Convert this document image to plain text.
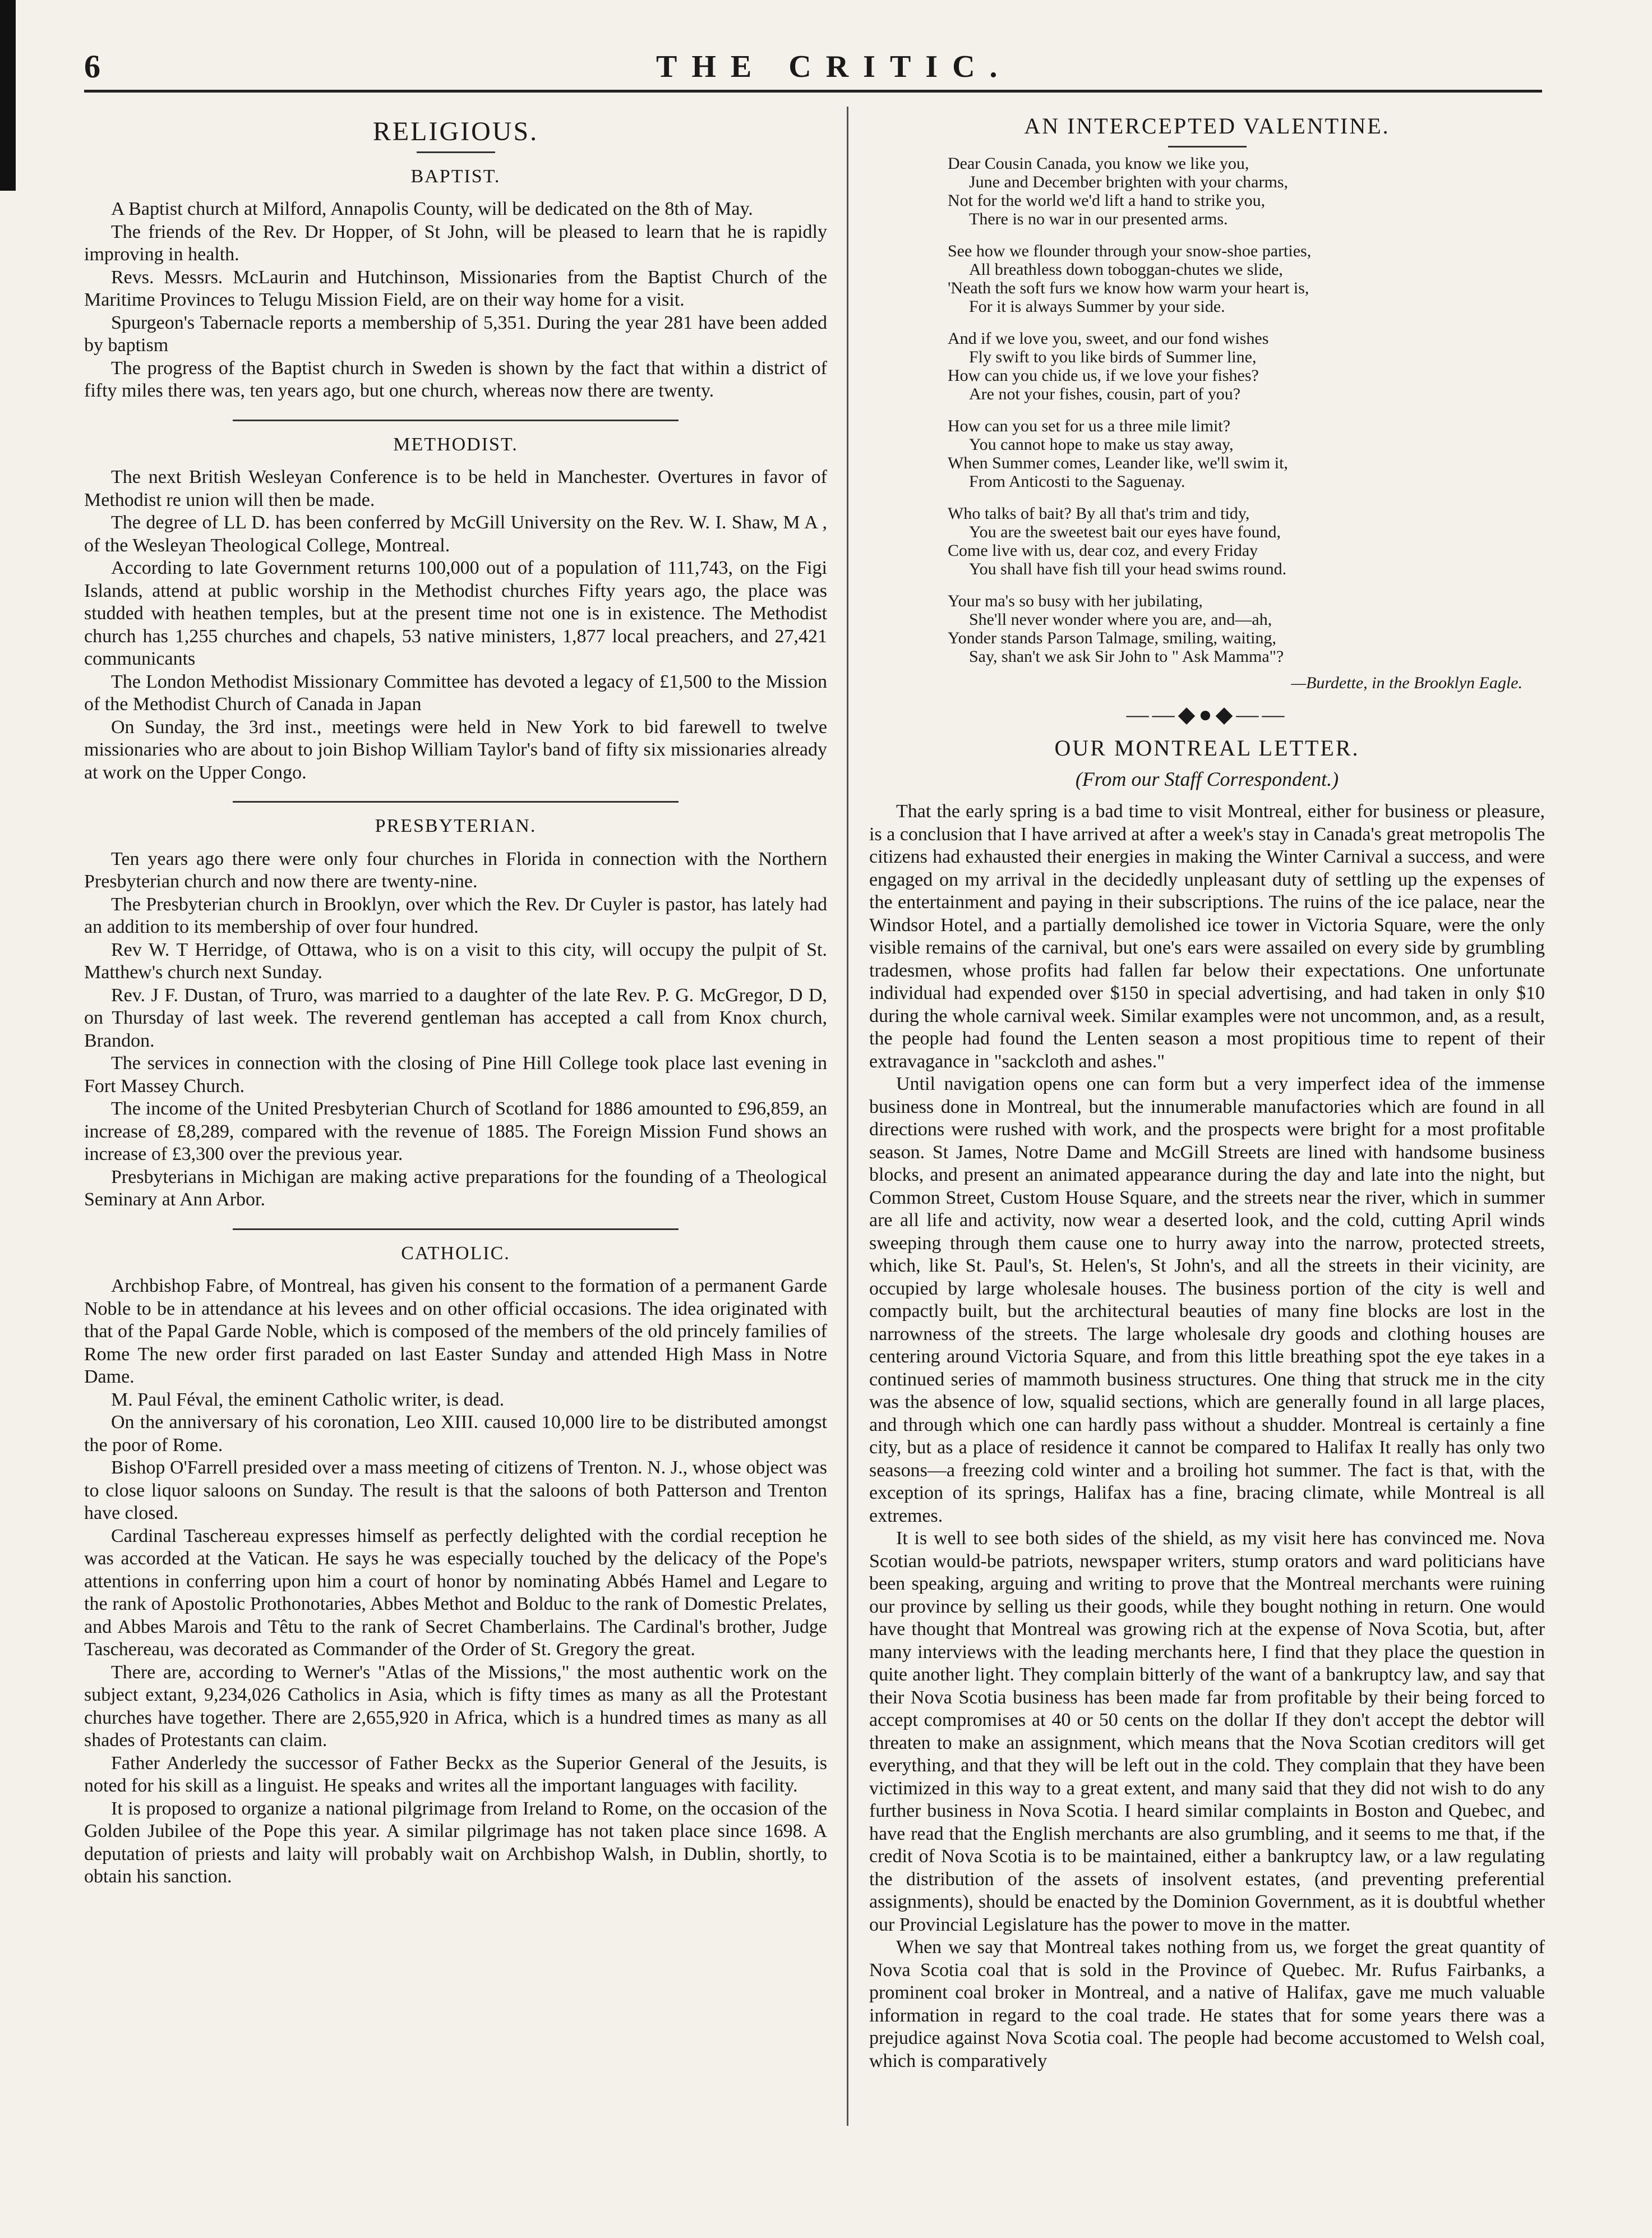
6	THE CRITIC.
RELIGIOUS.
BAPTIST.

A Baptist church at Milford, Annapolis County, will be dedicated on the 8th of May.

The friends of the Rev. Dr Hopper, of St John, will be pleased to learn that he is rapidly improving in health.

Revs. Messrs. McLaurin and Hutchinson, Missionaries from the Baptist Church of the Maritime Provinces to Telugu Mission Field, are on their way home for a visit.

Spurgeon's Tabernacle reports a membership of 5,351. During the year 281 have been added by baptism

The progress of the Baptist church in Sweden is shown by the fact that within a district of fifty miles there was, ten years ago, but one church, whereas now there are twenty.

METHODIST.

The next British Wesleyan Conference is to be held in Manchester. Overtures in favor of Methodist re union will then be made.

The degree of LL D. has been conferred by McGill University on the Rev. W. I. Shaw, M A , of the Wesleyan Theological College, Montreal.

According to late Government returns 100,000 out of a population of 111,743, on the Figi Islands, attend at public worship in the Methodist churches Fifty years ago, the place was studded with heathen temples, but at the present time not one is in existence. The Methodist church has 1,255 churches and chapels, 53 native ministers, 1,877 local preachers, and 27,421 communicants

The London Methodist Missionary Committee has devoted a legacy of £1,500 to the Mission of the Methodist Church of Canada in Japan

On Sunday, the 3rd inst., meetings were held in New York to bid farewell to twelve missionaries who are about to join Bishop William Taylor's band of fifty six missionaries already at work on the Upper Congo.

PRESBYTERIAN.

Ten years ago there were only four churches in Florida in connection with the Northern Presbyterian church and now there are twenty-nine.

The Presbyterian church in Brooklyn, over which the Rev. Dr Cuyler is pastor, has lately had an addition to its membership of over four hundred.

Rev W. T Herridge, of Ottawa, who is on a visit to this city, will occupy the pulpit of St. Matthew's church next Sunday.

Rev. J F. Dustan, of Truro, was married to a daughter of the late Rev. P. G. McGregor, D D, on Thursday of last week. The reverend gentleman has accepted a call from Knox church, Brandon.

The services in connection with the closing of Pine Hill College took place last evening in Fort Massey Church.

The income of the United Presbyterian Church of Scotland for 1886 amounted to £96,859, an increase of £8,289, compared with the revenue of 1885. The Foreign Mission Fund shows an increase of £3,300 over the previous year.

Presbyterians in Michigan are making active preparations for the founding of a Theological Seminary at Ann Arbor.

CATHOLIC.

Archbishop Fabre, of Montreal, has given his consent to the formation of a permanent Garde Noble to be in attendance at his levees and on other official occasions. The idea originated with that of the Papal Garde Noble, which is composed of the members of the old princely families of Rome The new order first paraded on last Easter Sunday and attended High Mass in Notre Dame.

M. Paul Féval, the eminent Catholic writer, is dead.

On the anniversary of his coronation, Leo XIII. caused 10,000 lire to be distributed amongst the poor of Rome.

Bishop O'Farrell presided over a mass meeting of citizens of Trenton. N. J., whose object was to close liquor saloons on Sunday. The result is that the saloons of both Patterson and Trenton have closed.

Cardinal Taschereau expresses himself as perfectly delighted with the cordial reception he was accorded at the Vatican. He says he was especially touched by the delicacy of the Pope's attentions in conferring upon him a court of honor by nominating Abbés Hamel and Legare to the rank of Apostolic Prothonotaries, Abbes Methot and Bolduc to the rank of Domestic Prelates, and Abbes Marois and Têtu to the rank of Secret Chamberlains. The Cardinal's brother, Judge Taschereau, was decorated as Commander of the Order of St. Gregory the great.

There are, according to Werner's "Atlas of the Missions," the most authentic work on the subject extant, 9,234,026 Catholics in Asia, which is fifty times as many as all the Protestant churches have together. There are 2,655,920 in Africa, which is a hundred times as many as all shades of Protestants can claim.

Father Anderledy the successor of Father Beckx as the Superior General of the Jesuits, is noted for his skill as a linguist. He speaks and writes all the important languages with facility.

It is proposed to organize a national pilgrimage from Ireland to Rome, on the occasion of the Golden Jubilee of the Pope this year. A similar pilgrimage has not taken place since 1698. A deputation of priests and laity will probably wait on Archbishop Walsh, in Dublin, shortly, to obtain his sanction.

AN INTERCEPTED VALENTINE.
Dear Cousin Canada, you know we like you,
June and December brighten with your charms,
Not for the world we'd lift a hand to strike you,
There is no war in our presented arms.
See how we flounder through your snow-shoe parties,
All breathless down toboggan-chutes we slide,
'Neath the soft furs we know how warm your heart is,
For it is always Summer by your side.
And if we love you, sweet, and our fond wishes
Fly swift to you like birds of Summer line,
How can you chide us, if we love your fishes?
Are not your fishes, cousin, part of you?
How can you set for us a three mile limit?
You cannot hope to make us stay away,
When Summer comes, Leander like, we'll swim it,
From Anticosti to the Saguenay.
Who talks of bait? By all that's trim and tidy,
You are the sweetest bait our eyes have found,
Come live with us, dear coz, and every Friday
You shall have fish till your head swims round.
Your ma's so busy with her jubilating,
She'll never wonder where you are, and—ah,
Yonder stands Parson Talmage, smiling, waiting,
Say, shan't we ask Sir John to " Ask Mamma"?
—Burdette, in the Brooklyn Eagle.
——◆●◆——
OUR MONTREAL LETTER.
(From our Staff Correspondent.)

That the early spring is a bad time to visit Montreal, either for business or pleasure, is a conclusion that I have arrived at after a week's stay in Canada's great metropolis The citizens had exhausted their energies in making the Winter Carnival a success, and were engaged on my arrival in the decidedly unpleasant duty of settling up the expenses of the entertainment and paying in their subscriptions. The ruins of the ice palace, near the Windsor Hotel, and a partially demolished ice tower in Victoria Square, were the only visible remains of the carnival, but one's ears were assailed on every side by grumbling tradesmen, whose profits had fallen far below their expectations. One unfortunate individual had expended over $150 in special advertising, and had taken in only $10 during the whole carnival week. Similar examples were not uncommon, and, as a result, the people had found the Lenten season a most propitious time to repent of their extravagance in "sackcloth and ashes."

Until navigation opens one can form but a very imperfect idea of the immense business done in Montreal, but the innumerable manufactories which are found in all directions were rushed with work, and the prospects were bright for a most profitable season. St James, Notre Dame and McGill Streets are lined with handsome business blocks, and present an animated appearance during the day and late into the night, but Common Street, Custom House Square, and the streets near the river, which in summer are all life and activity, now wear a deserted look, and the cold, cutting April winds sweeping through them cause one to hurry away into the narrow, protected streets, which, like St. Paul's, St. Helen's, St John's, and all the streets in their vicinity, are occupied by large wholesale houses. The business portion of the city is well and compactly built, but the architectural beauties of many fine blocks are lost in the narrowness of the streets. The large wholesale dry goods and clothing houses are centering around Victoria Square, and from this little breathing spot the eye takes in a continued series of mammoth business structures. One thing that struck me in the city was the absence of low, squalid sections, which are generally found in all large places, and through which one can hardly pass without a shudder. Montreal is certainly a fine city, but as a place of residence it cannot be compared to Halifax It really has only two seasons—a freezing cold winter and a broiling hot summer. The fact is that, with the exception of its springs, Halifax has a fine, bracing climate, while Montreal is all extremes.

It is well to see both sides of the shield, as my visit here has convinced me. Nova Scotian would-be patriots, newspaper writers, stump orators and ward politicians have been speaking, arguing and writing to prove that the Montreal merchants were ruining our province by selling us their goods, while they bought nothing in return. One would have thought that Montreal was growing rich at the expense of Nova Scotia, but, after many interviews with the leading merchants here, I find that they place the question in quite another light. They complain bitterly of the want of a bankruptcy law, and say that their Nova Scotia business has been made far from profitable by their being forced to accept compromises at 40 or 50 cents on the dollar If they don't accept the debtor will threaten to make an assignment, which means that the Nova Scotian creditors will get everything, and that they will be left out in the cold. They complain that they have been victimized in this way to a great extent, and many said that they did not wish to do any further business in Nova Scotia. I heard similar complaints in Boston and Quebec, and have read that the English merchants are also grumbling, and it seems to me that, if the credit of Nova Scotia is to be maintained, either a bankruptcy law, or a law regulating the distribution of the assets of insolvent estates, (and preventing preferential assignments), should be enacted by the Dominion Government, as it is doubtful whether our Provincial Legislature has the power to move in the matter.

When we say that Montreal takes nothing from us, we forget the great quantity of Nova Scotia coal that is sold in the Province of Quebec. Mr. Rufus Fairbanks, a prominent coal broker in Montreal, and a native of Halifax, gave me much valuable information in regard to the coal trade. He states that for some years there was a prejudice against Nova Scotia coal. The people had become accustomed to Welsh coal, which is comparatively
